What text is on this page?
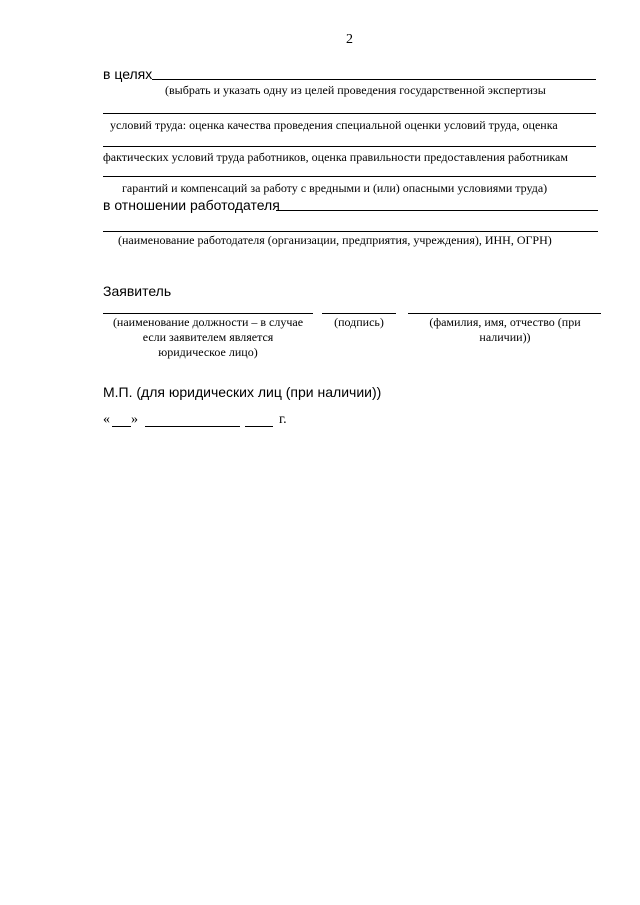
2
в целях
(выбрать и указать одну из целей проведения государственной экспертизы
условий труда: оценка качества проведения специальной оценки условий труда, оценка
фактических условий труда работников, оценка правильности предоставления работникам
гарантий и компенсаций за работу с вредными и (или) опасными условиями труда)
в отношении работодателя
(наименование работодателя (организации, предприятия, учреждения), ИНН, ОГРН)
Заявитель
(наименование должности – в случае
если заявителем является
юридическое лицо)
(подпись)	(фамилия, имя, отчество (при
наличии))
М.П. (для юридических лиц (при наличии))
« »	г.
